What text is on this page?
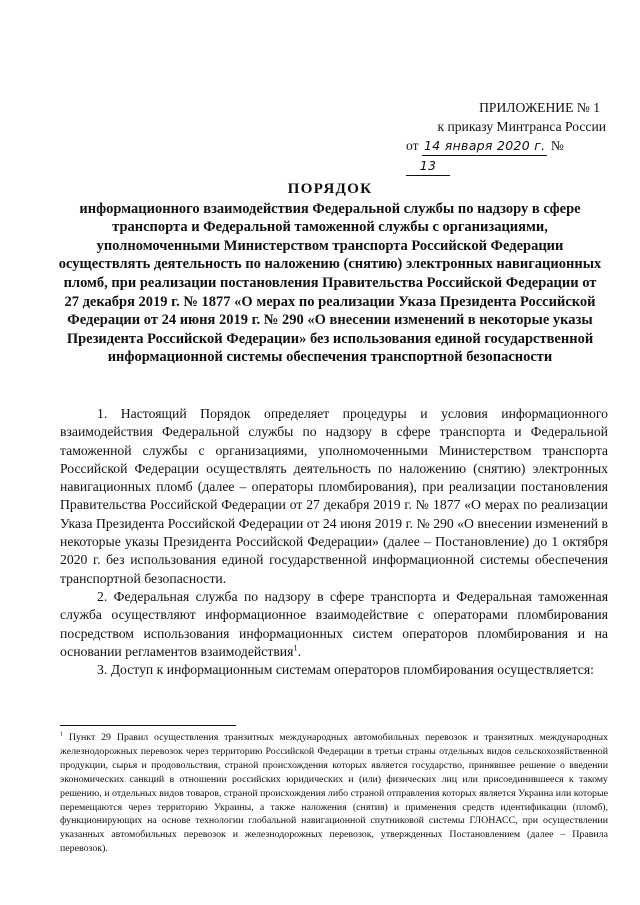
ПРИЛОЖЕНИЕ № 1
к приказу Минтранса России
от 14 января 2020 г. № 13
ПОРЯДОК
информационного взаимодействия Федеральной службы по надзору в сфере транспорта и Федеральной таможенной службы с организациями, уполномоченными Министерством транспорта Российской Федерации осуществлять деятельность по наложению (снятию) электронных навигационных пломб, при реализации постановления Правительства Российской Федерации от 27 декабря 2019 г. № 1877 «О мерах по реализации Указа Президента Российской Федерации от 24 июня 2019 г. № 290 «О внесении изменений в некоторые указы Президента Российской Федерации» без использования единой государственной информационной системы обеспечения транспортной безопасности

1. Настоящий Порядок определяет процедуры и условия информационного взаимодействия Федеральной службы по надзору в сфере транспорта и Федеральной таможенной службы с организациями, уполномоченными Министерством транспорта Российской Федерации осуществлять деятельность по наложению (снятию) электронных навигационных пломб (далее – операторы пломбирования), при реализации постановления Правительства Российской Федерации от 27 декабря 2019 г. № 1877 «О мерах по реализации Указа Президента Российской Федерации от 24 июня 2019 г. № 290 «О внесении изменений в некоторые указы Президента Российской Федерации» (далее – Постановление) до 1 октября 2020 г. без использования единой государственной информационной системы обеспечения транспортной безопасности.

2. Федеральная служба по надзору в сфере транспорта и Федеральная таможенная служба осуществляют информационное взаимодействие с операторами пломбирования посредством использования информационных систем операторов пломбирования и на основании регламентов взаимодействия$^1$.

3. Доступ к информационным системам операторов пломбирования осуществляется:

$^1$ Пункт 29 Правил осуществления транзитных международных автомобильных перевозок и транзитных международных железнодорожных перевозок через территорию Российской Федерации в третьи страны отдельных видов сельскохозяйственной продукции, сырья и продовольствия, страной происхождения которых является государство, принявшее решение о введении экономических санкций в отношении российских юридических и (или) физических лиц или присоединившееся к такому решению, и отдельных видов товаров, страной происхождения либо страной отправления которых является Украина или которые перемещаются через территорию Украины, а также наложения (снятия) и применения средств идентификации (пломб), функционирующих на основе технологии глобальной навигационной спутниковой системы ГЛОНАСС, при осуществлении указанных автомобильных перевозок и железнодорожных перевозок, утвержденных Постановлением (далее – Правила перевозок).
